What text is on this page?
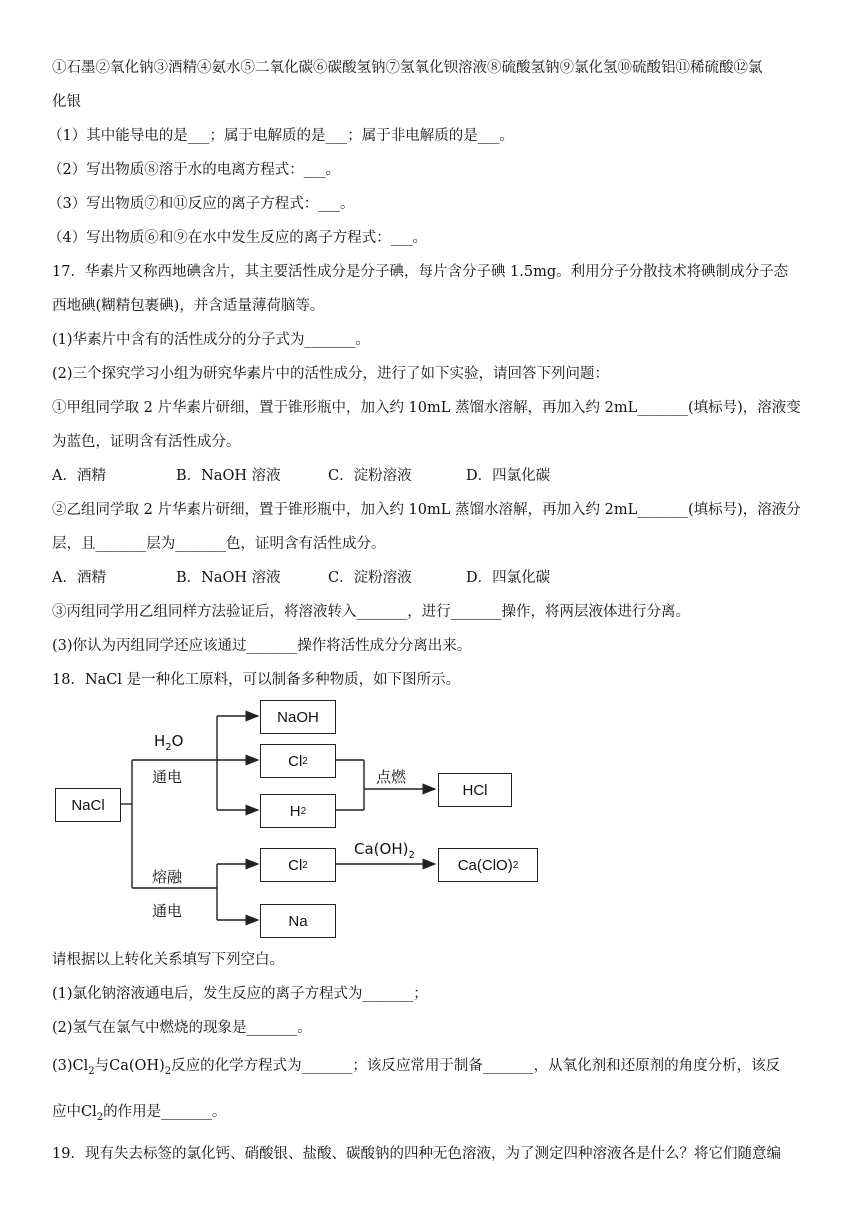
①石墨②氧化钠③酒精④氨水⑤二氧化碳⑥碳酸氢钠⑦氢氧化钡溶液⑧硫酸氢钠⑨氯化氢⑩硫酸铝⑪稀硫酸⑫氯
化银
（1）其中能导电的是___；属于电解质的是___；属于非电解质的是___。
（2）写出物质⑧溶于水的电离方程式：___。
（3）写出物质⑦和⑪反应的离子方程式：___。
（4）写出物质⑥和⑨在水中发生反应的离子方程式：___。
17．华素片又称西地碘含片，其主要活性成分是分子碘，每片含分子碘 1.5mg。利用分子分散技术将碘制成分子态
西地碘(糊精包裹碘)，并含适量薄荷脑等。
(1)华素片中含有的活性成分的分子式为_______。
(2)三个探究学习小组为研究华素片中的活性成分，进行了如下实验，请回答下列问题：
①甲组同学取 2 片华素片研细，置于锥形瓶中，加入约 10mL 蒸馏水溶解，再加入约 2mL_______(填标号)，溶液变
为蓝色，证明含有活性成分。
A．酒精	B．NaOH 溶液	C．淀粉溶液	D．四氯化碳
②乙组同学取 2 片华素片研细，置于锥形瓶中，加入约 10mL 蒸馏水溶解，再加入约 2mL_______(填标号)，溶液分
层，且_______层为_______色，证明含有活性成分。
A．酒精	B．NaOH 溶液	C．淀粉溶液	D．四氯化碳
③丙组同学用乙组同样方法验证后，将溶液转入_______，进行_______操作，将两层液体进行分离。
(3)你认为丙组同学还应该通过_______操作将活性成分分离出来。
18．NaCl 是一种化工原料，可以制备多种物质，如下图所示。
NaCl
NaOH
Cl 2
H 2
HCl
Cl 2	Ca(ClO) 2
Na
$H_2O$
通电	点燃
$Ca(OH)_2$
熔融
通电
请根据以上转化关系填写下列空白。
(1)氯化钠溶液通电后，发生反应的离子方程式为_______；
(2)氢气在氯气中燃烧的现象是_______。
$(3)Cl_2$与$Ca(OH)_2$反应的化学方程式为_______；该反应常用于制备_______，从氧化剂和还原剂的角度分析，该反
应中$Cl_2$的作用是_______。
19．现有失去标签的氯化钙、硝酸银、盐酸、碳酸钠的四种无色溶液，为了测定四种溶液各是什么？将它们随意编
